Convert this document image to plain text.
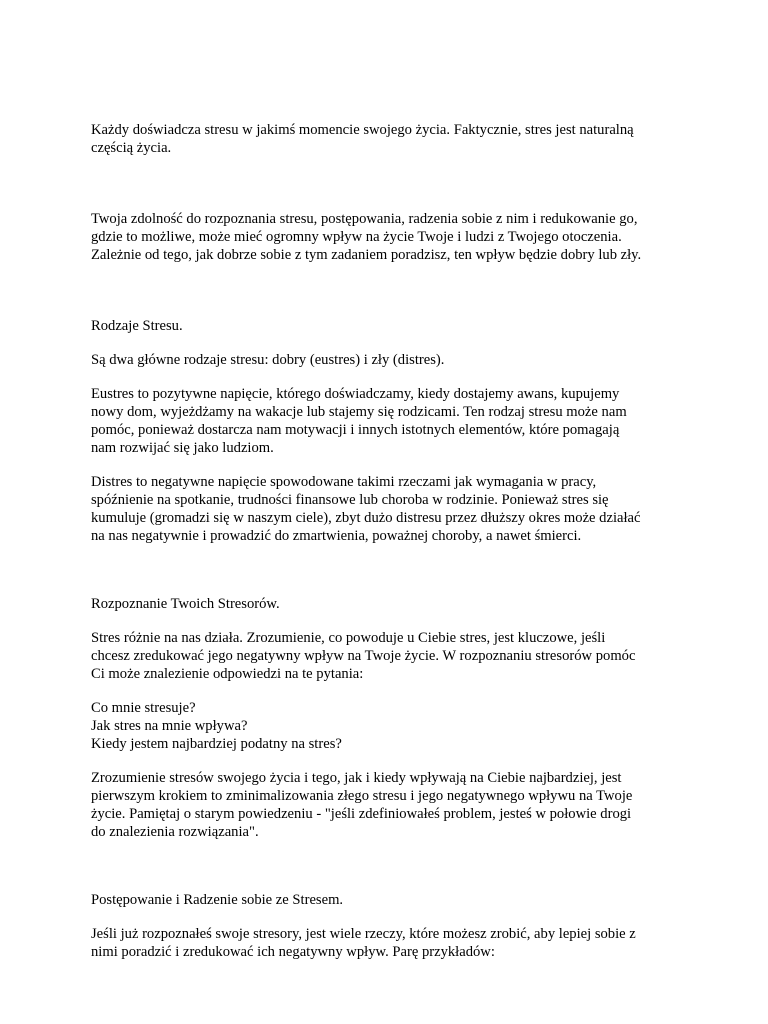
Każdy doświadcza stresu w jakimś momencie swojego życia. Faktycznie, stres jest naturalną
częścią życia.
Twoja zdolność do rozpoznania stresu, postępowania, radzenia sobie z nim i redukowanie go,
gdzie to możliwe, może mieć ogromny wpływ na życie Twoje i ludzi z Twojego otoczenia.
Zależnie od tego, jak dobrze sobie z tym zadaniem poradzisz, ten wpływ będzie dobry lub zły.
Rodzaje Stresu.
Są dwa główne rodzaje stresu: dobry (eustres) i zły (distres).
Eustres to pozytywne napięcie, którego doświadczamy, kiedy dostajemy awans, kupujemy
nowy dom, wyjeżdżamy na wakacje lub stajemy się rodzicami. Ten rodzaj stresu może nam
pomóc, ponieważ dostarcza nam motywacji i innych istotnych elementów, które pomagają
nam rozwijać się jako ludziom.
Distres to negatywne napięcie spowodowane takimi rzeczami jak wymagania w pracy,
spóźnienie na spotkanie, trudności finansowe lub choroba w rodzinie. Ponieważ stres się
kumuluje (gromadzi się w naszym ciele), zbyt dużo distresu przez dłuższy okres może działać
na nas negatywnie i prowadzić do zmartwienia, poważnej choroby, a nawet śmierci.
Rozpoznanie Twoich Stresorów.
Stres różnie na nas działa. Zrozumienie, co powoduje u Ciebie stres, jest kluczowe, jeśli
chcesz zredukować jego negatywny wpływ na Twoje życie. W rozpoznaniu stresorów pomóc
Ci może znalezienie odpowiedzi na te pytania:
Co mnie stresuje?
Jak stres na mnie wpływa?
Kiedy jestem najbardziej podatny na stres?
Zrozumienie stresów swojego życia i tego, jak i kiedy wpływają na Ciebie najbardziej, jest
pierwszym krokiem to zminimalizowania złego stresu i jego negatywnego wpływu na Twoje
życie. Pamiętaj o starym powiedzeniu - "jeśli zdefiniowałeś problem, jesteś w połowie drogi
do znalezienia rozwiązania".
Postępowanie i Radzenie sobie ze Stresem.
Jeśli już rozpoznałeś swoje stresory, jest wiele rzeczy, które możesz zrobić, aby lepiej sobie z
nimi poradzić i zredukować ich negatywny wpływ. Parę przykładów:
